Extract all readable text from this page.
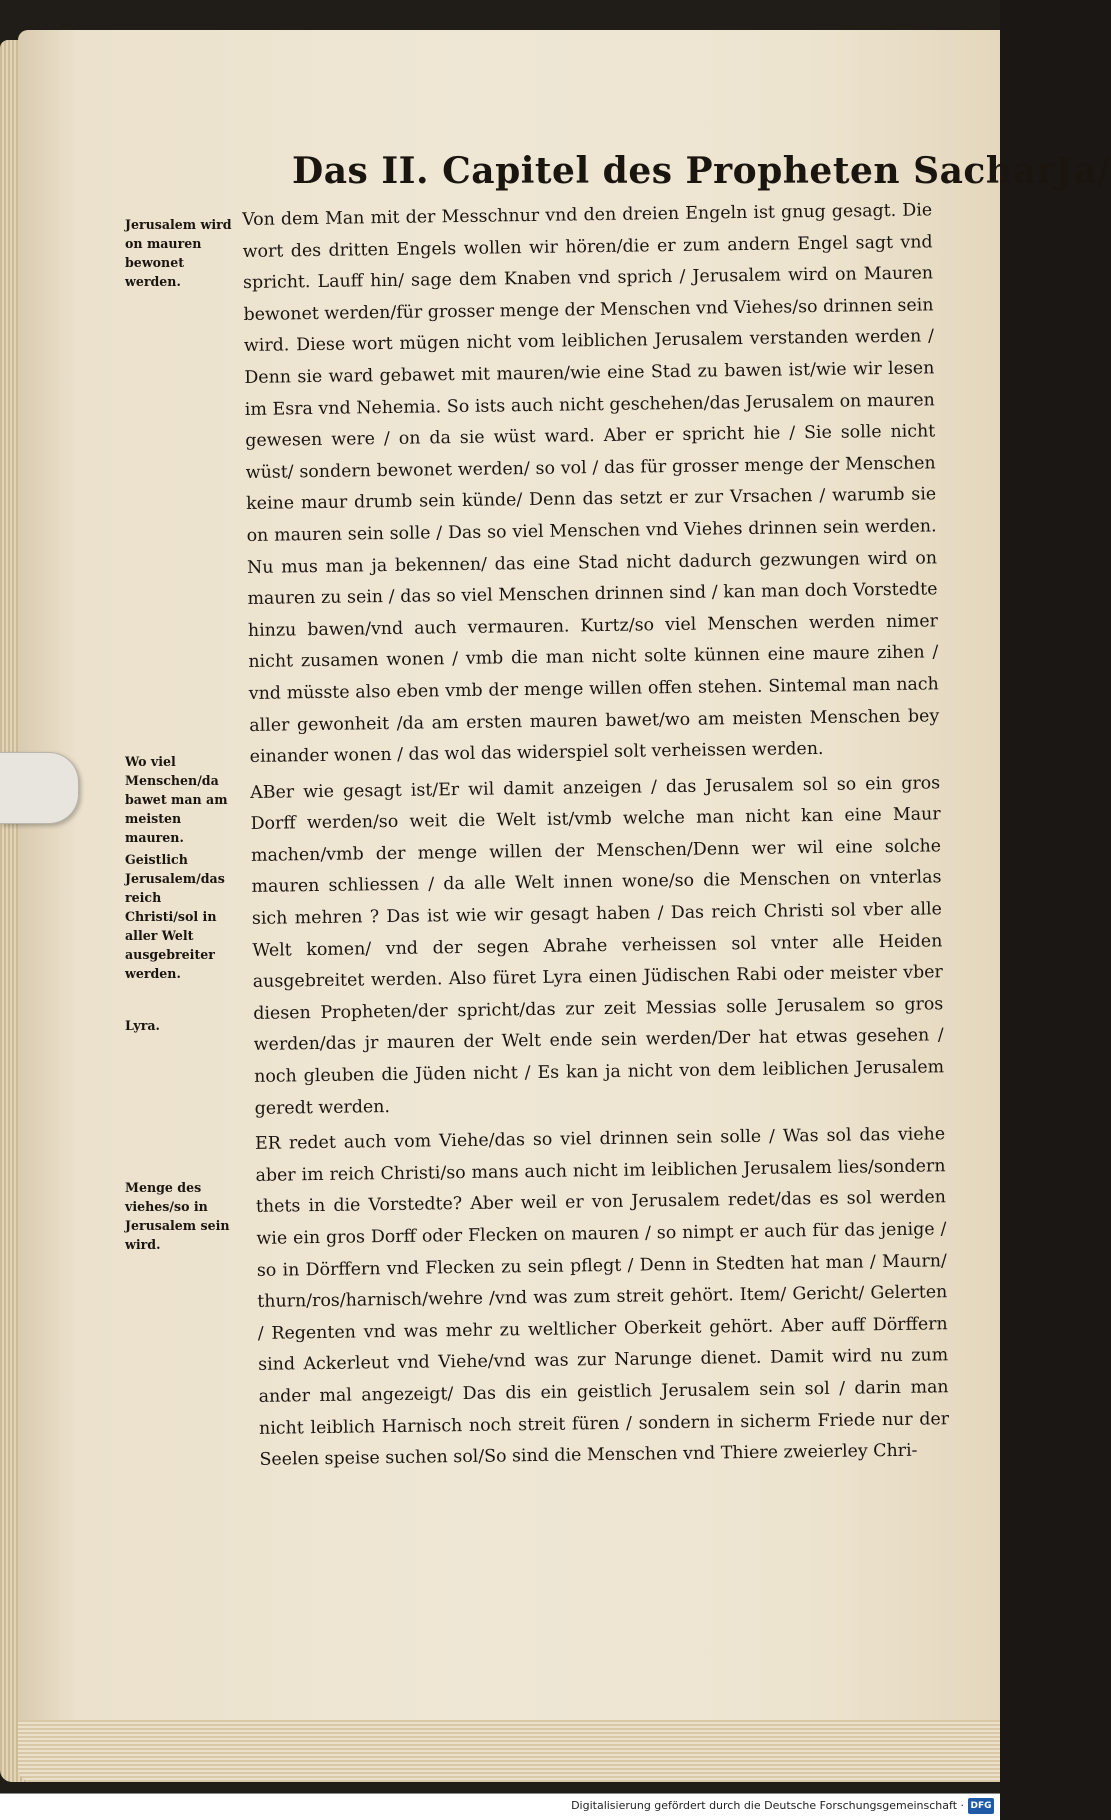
Das II. Capitel des Propheten SacharJa/

Jerusalem wird on mauren bewonet werden.

Wo viel Menschen/da bawet man am meisten mauren.

Geistlich Jerusalem/das reich Christi/sol in aller Welt ausgebreiter werden.

Lyra.

Menge des viehes/so in Jerusalem sein wird.

Von dem Man mit der Messchnur vnd den dreien Engeln ist gnug gesagt. Die wort des dritten Engels wollen wir hören/die er zum andern Engel sagt vnd spricht. Lauff hin/ sage dem Knaben vnd sprich / Jerusalem wird on Mauren bewonet werden/für grosser menge der Menschen vnd Viehes/so drinnen sein wird. Diese wort mügen nicht vom leiblichen Jerusalem verstanden werden / Denn sie ward gebawet mit mauren/wie eine Stad zu bawen ist/wie wir lesen im Esra vnd Nehemia. So ists auch nicht geschehen/das Jerusalem on mauren gewesen were / on da sie wüst ward. Aber er spricht hie / Sie solle nicht wüst/ sondern bewonet werden/ so vol / das für grosser menge der Menschen keine maur drumb sein künde/ Denn das setzt er zur Vrsachen / warumb sie on mauren sein solle / Das so viel Menschen vnd Viehes drinnen sein werden. Nu mus man ja bekennen/ das eine Stad nicht dadurch gezwungen wird on mauren zu sein / das so viel Menschen drinnen sind / kan man doch Vorstedte hinzu bawen/vnd auch vermauren. Kurtz/so viel Menschen werden nimer nicht zusamen wonen / vmb die man nicht solte künnen eine maure zihen / vnd müsste also eben vmb der menge willen offen stehen. Sintemal man nach aller gewonheit /da am ersten mauren bawet/wo am meisten Menschen bey einander wonen / das wol das widerspiel solt verheissen werden.

ABer wie gesagt ist/Er wil damit anzeigen / das Jerusalem sol so ein gros Dorff werden/so weit die Welt ist/vmb welche man nicht kan eine Maur machen/vmb der menge willen der Menschen/Denn wer wil eine solche mauren schliessen / da alle Welt innen wone/so die Menschen on vnterlas sich mehren ? Das ist wie wir gesagt haben / Das reich Christi sol vber alle Welt komen/ vnd der segen Abrahe verheissen sol vnter alle Heiden ausgebreitet werden. Also füret Lyra einen Jüdischen Rabi oder meister vber diesen Propheten/der spricht/das zur zeit Messias solle Jerusalem so gros werden/das jr mauren der Welt ende sein werden/Der hat etwas gesehen / noch gleuben die Jüden nicht / Es kan ja nicht von dem leiblichen Jerusalem geredt werden.

ER redet auch vom Viehe/das so viel drinnen sein solle / Was sol das viehe aber im reich Christi/so mans auch nicht im leiblichen Jerusalem lies/sondern thets in die Vorstedte? Aber weil er von Jerusalem redet/das es sol werden wie ein gros Dorff oder Flecken on mauren / so nimpt er auch für das jenige / so in Dörffern vnd Flecken zu sein pflegt / Denn in Stedten hat man / Maurn/ thurn/ros/harnisch/wehre /vnd was zum streit gehört. Item/ Gericht/ Gelerten / Regenten vnd was mehr zu weltlicher Oberkeit gehört. Aber auff Dörffern sind Ackerleut vnd Viehe/vnd was zur Narunge dienet. Damit wird nu zum ander mal angezeigt/ Das dis ein geistlich Jerusalem sein sol / darin man nicht leiblich Harnisch noch streit füren / sondern in sicherm Friede nur der Seelen speise suchen sol/So sind die Menschen vnd Thiere zweierley Chri-

Digitalisierung gefördert durch die Deutsche Forschungsgemeinschaft · DFG
